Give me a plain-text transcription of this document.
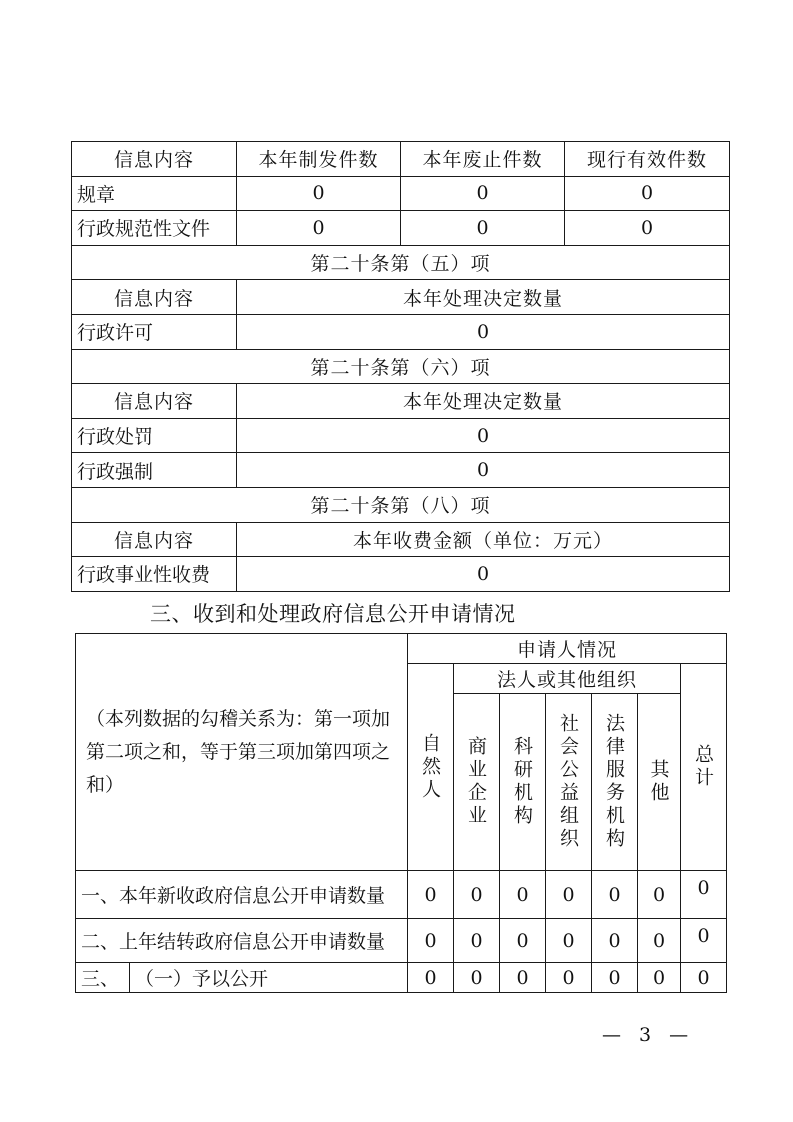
信息内容	本年制发件数	本年废止件数	现行有效件数
规章	0	0	0
行政规范性文件	0	0	0
第二十条第（五）项			
信息内容	本年处理决定数量		
行政许可	0		
第二十条第（六）项			
信息内容	本年处理决定数量		
行政处罚	0		
行政强制	0		
第二十条第（八）项			
信息内容	本年收费金额（单位：万元）		
行政事业性收费	0		
三、收到和处理政府信息公开申请情况
（本列数据的勾稽关系为：第一项加第二项之和，等于第三项加第四项之和）		申请人情况						
		自然人	法人或其他组织					总计
			商业企业	科研机构	社会公益组织	法律服务机构	其他	
一、本年新收政府信息公开申请数量		0	0	0	0	0	0	0
二、上年结转政府信息公开申请数量		0	0	0	0	0	0	0
三、	（一）予以公开	0	0	0	0	0	0	0
— 3 —
